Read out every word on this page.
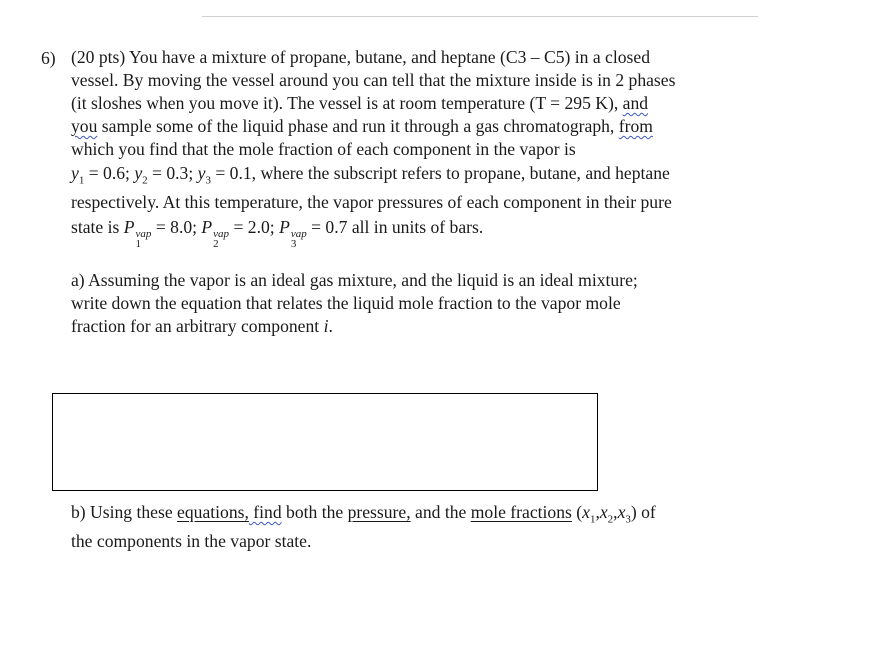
6) (20 pts) You have a mixture of propane, butane, and heptane (C3 – C5) in a closed
vessel. By moving the vessel around you can tell that the mixture inside is in 2 phases
(it sloshes when you move it). The vessel is at room temperature (T = 295 K), and
you sample some of the liquid phase and run it through a gas chromatograph, from
which you find that the mole fraction of each component in the vapor is
$y_1 = 0.6$; $y_2 = 0.3$; $y_3 = 0.1$, where the subscript refers to propane, butane, and heptane
respectively. At this temperature, the vapor pressures of each component in their pure
state is P vap
1
= 8.0; P vap
2
= 2.0; P vap
3
= 0.7 all in units of bars.
a) Assuming the vapor is an ideal gas mixture, and the liquid is an ideal mixture;
write down the equation that relates the liquid mole fraction to the vapor mole
fraction for an arbitrary component i.
b) Using these equations, find both the pressure, and the mole fractions $(x_1,x_2,x_3)$ of
the components in the vapor state.
